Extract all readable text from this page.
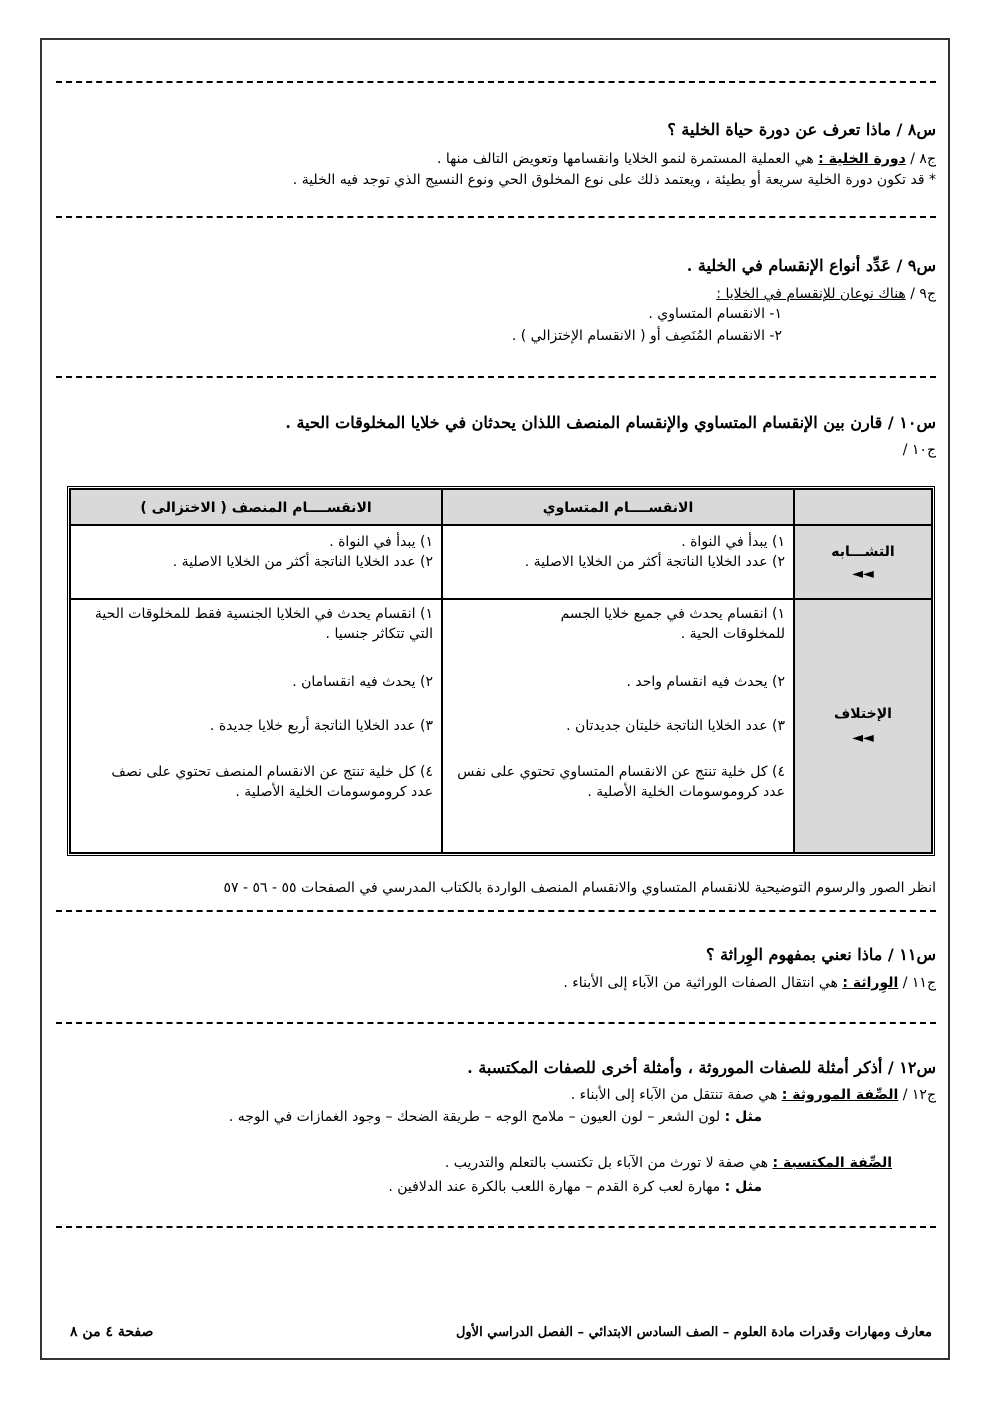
س٨ / ماذا تعرف عن دورة حياة الخلية ؟
ج٨ / دورة الخلية : هي العملية المستمرة لنمو الخلايا وانقسامها وتعويض التالف منها .
* قد تكون دورة الخلية سريعة أو بطيئة ، ويعتمد ذلك على نوع المخلوق الحي ونوع النسيج الذي توجد فيه الخلية .
س٩ / عَدِّد أنواع الإنقسام في الخلية .
ج٩ / هناك نوعان للإنقسام في الخلايا :
١- الانقسام المتساوي .
٢- الانقسام المُنَصِف أو ( الانقسام الإختزالي ) .
س١٠ / قارن بين الإنقسام المتساوي والإنقسام المنصف اللذان يحدثان في خلايا المخلوقات الحية .
ج١٠ /
الانقســــام المتساوي
الانقســــام المنصف ( الاختزالى )
التشـــابه
◄◄
١) يبدأ في النواة .
٢) عدد الخلايا الناتجة أكثر من الخلايا الاصلية .
١) يبدأ في النواة .
٢) عدد الخلايا الناتجة أكثر من الخلايا الاصلية .
الإختلاف
◄◄
١) انقسام يحدث في جميع خلايا الجسم للمخلوقات الحية .
٢) يحدث فيه انقسام واحد .
٣) عدد الخلايا الناتجة خليتان جديدتان .
٤) كل خلية تنتج عن الانقسام المتساوي تحتوي على نفس عدد كروموسومات الخلية الأصلية .
١) انقسام يحدث في الخلايا الجنسية فقط للمخلوقات الحية التي تتكاثر جنسيا .
٢) يحدث فيه انقسامان .
٣) عدد الخلايا الناتجة أربع خلايا جديدة .
٤) كل خلية تنتج عن الانقسام المنصف تحتوي على نصف عدد كروموسومات الخلية الأصلية .
انظر الصور والرسوم التوضيحية للانقسام المتساوي والانقسام المنصف الواردة بالكتاب المدرسي في الصفحات ٥٥ - ٥٦ - ٥٧
س١١ / ماذا نعني بمفهوم الوِراثة ؟
ج١١ / الوِراثة : هي انتقال الصفات الوراثية من الآباء إلى الأبناء .
س١٢ / أذكر أمثلة للصفات الموروثة ، وأمثلة أخرى للصفات المكتسبة .
ج١٢ / الصِّفة الموروثة : هي صفة تنتقل من الآباء إلى الأبناء .
مثل : لون الشعر – لون العيون – ملامح الوجه – طريقة الضحك – وجود الغمازات في الوجه .
الصِّفة المكتسبة : هي صفة لا تورث من الآباء بل تكتسب بالتعلم والتدريب .
مثل : مهارة لعب كرة القدم – مهارة اللعب بالكرة عند الدلافين .
معارف ومهارات وقدرات مادة العلوم – الصف السادس الابتدائي – الفصل الدراسي الأول
صفحة ٤ من ٨
